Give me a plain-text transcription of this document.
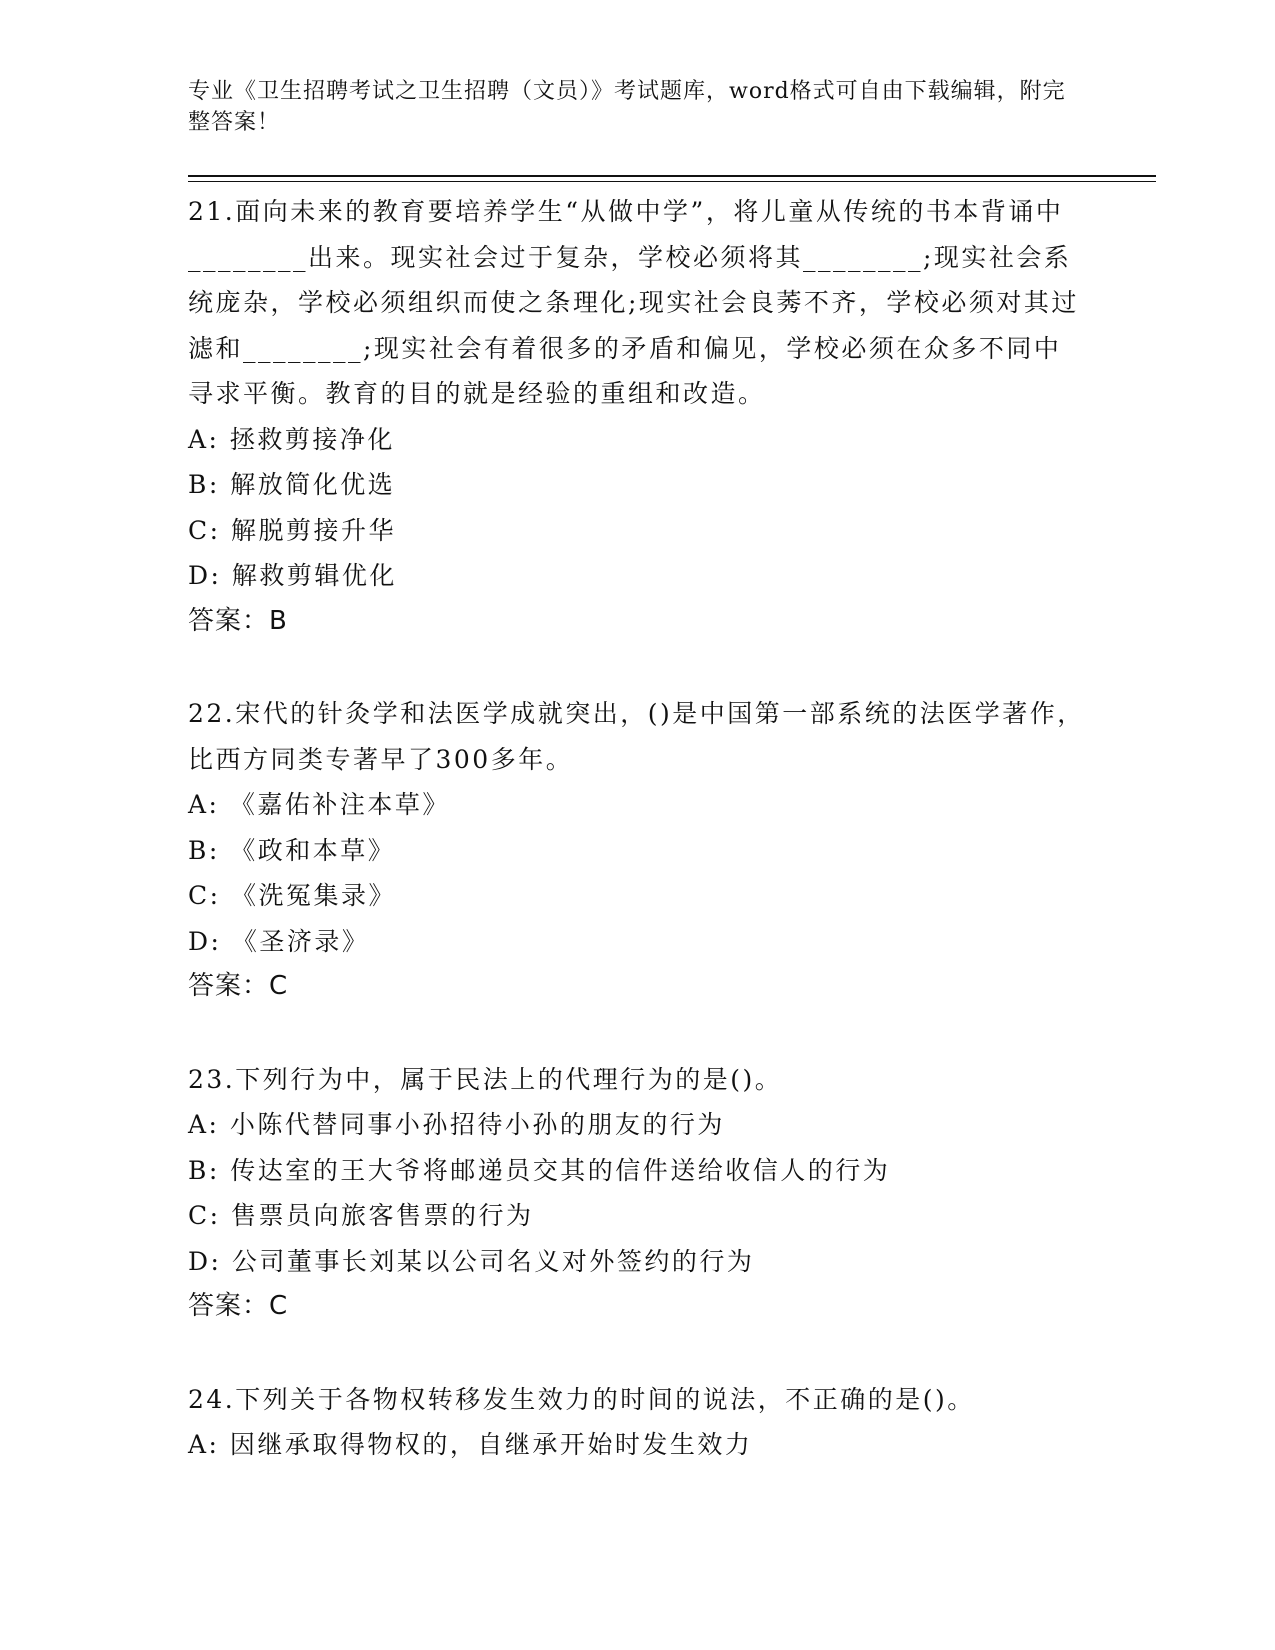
专业《卫生招聘考试之卫生招聘（文员）》考试题库，word格式可自由下载编辑，附完整答案！

21.面向未来的教育要培养学生“从做中学”，将儿童从传统的书本背诵中________出来。现实社会过于复杂，学校必须将其________;现实社会系统庞杂，学校必须组织而使之条理化;现实社会良莠不齐，学校必须对其过滤和________;现实社会有着很多的矛盾和偏见，学校必须在众多不同中寻求平衡。教育的目的就是经验的重组和改造。

A: 拯救剪接净化

B: 解放简化优选

C: 解脱剪接升华

D: 解救剪辑优化

答案：B

22.宋代的针灸学和法医学成就突出，()是中国第一部系统的法医学著作，比西方同类专著早了300多年。

A: 《嘉佑补注本草》

B: 《政和本草》

C: 《洗冤集录》

D: 《圣济录》

答案：C

23.下列行为中，属于民法上的代理行为的是()。

A: 小陈代替同事小孙招待小孙的朋友的行为

B: 传达室的王大爷将邮递员交其的信件送给收信人的行为

C: 售票员向旅客售票的行为

D: 公司董事长刘某以公司名义对外签约的行为

答案：C

24.下列关于各物权转移发生效力的时间的说法，不正确的是()。

A: 因继承取得物权的，自继承开始时发生效力
